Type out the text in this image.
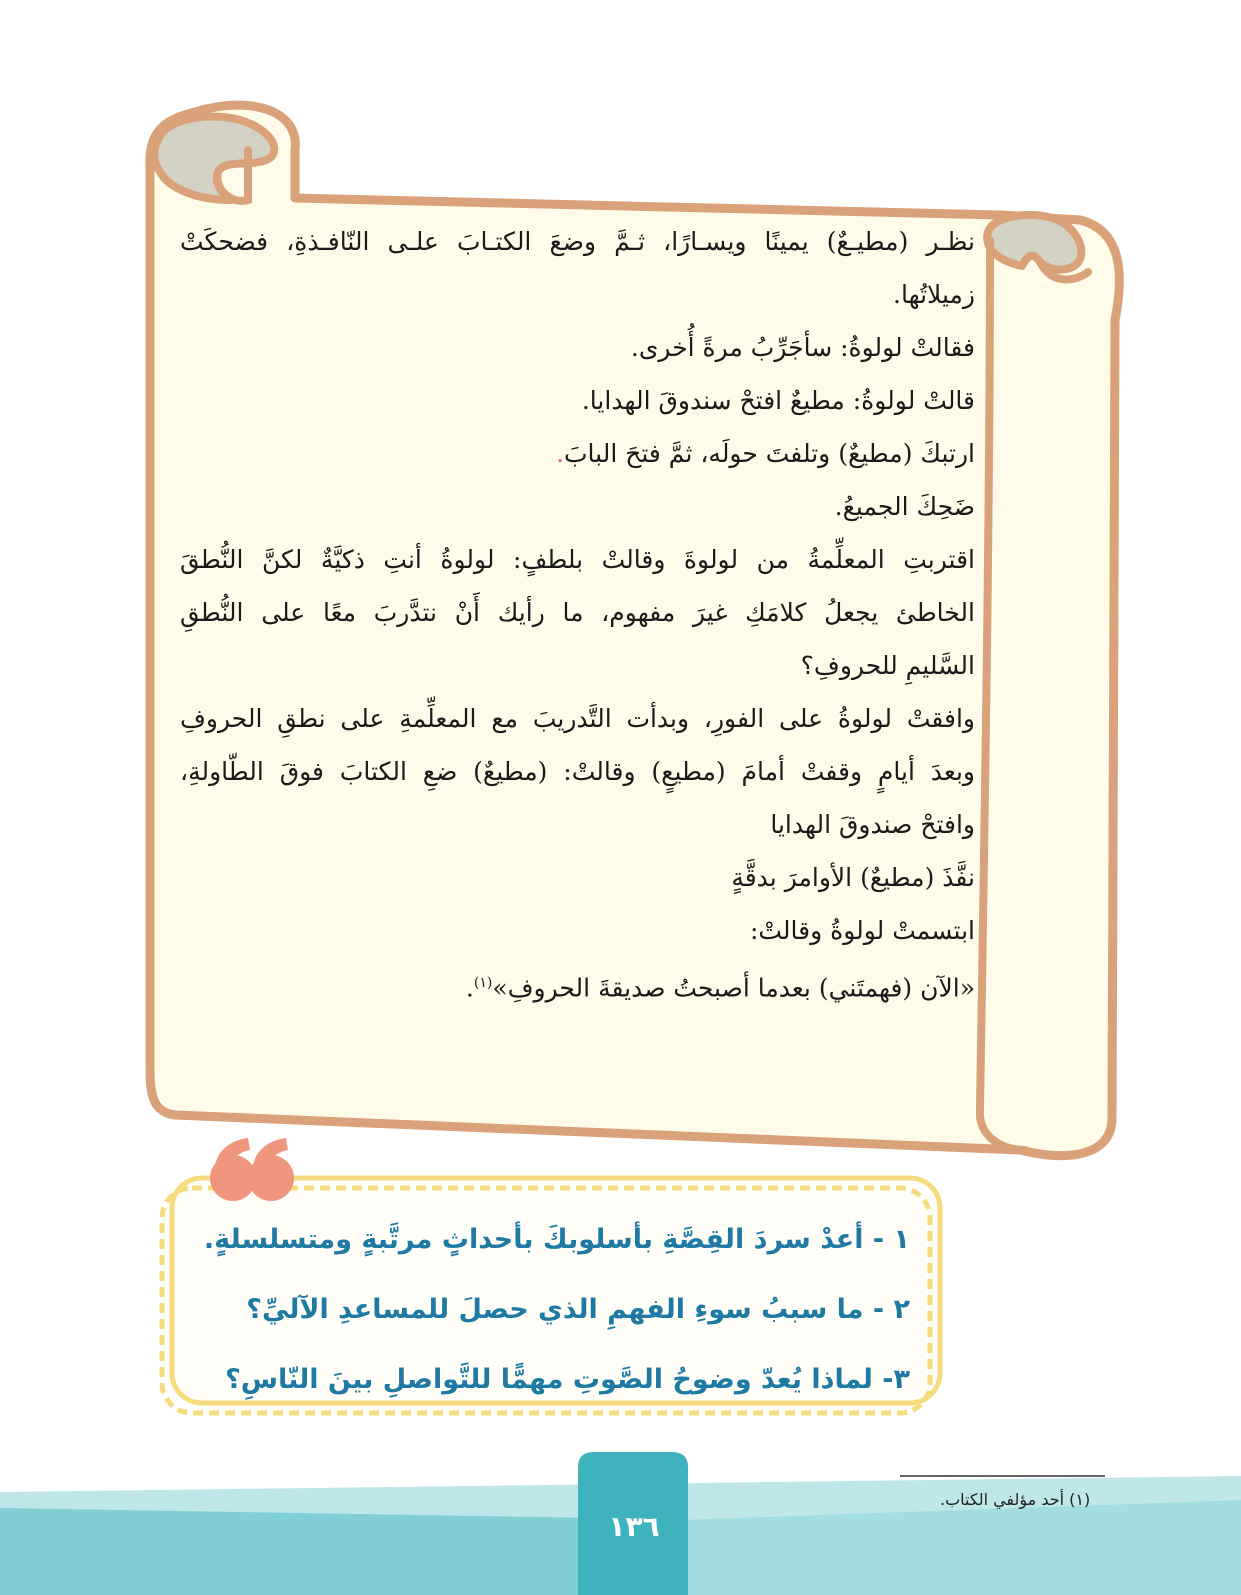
نظـر (مطيـعٌ) يمينًا ويسـارًا، ثـمَّ وضعَ الكتـابَ علـى النّافـذةِ، فضحكَتْ
زميلاتُها.
فقالتْ لولوةُ: سأجَرِّبُ مرةً أُخرى.
قالتْ لولوةُ: مطيعٌ افتحْ سندوقَ الهدايا.
ارتبكَ (مطيعٌ) وتلفتَ حولَه، ثمَّ فتحَ البابَ.
ضَحِكَ الجميعُ.
اقتربتِ المعلِّمةُ من لولوةَ وقالتْ بلطفٍ: لولوةُ أنتِ ذكيَّةٌ لكنَّ النُّطقَ
الخاطئ يجعلُ كلامَكِ غيرَ مفهوم، ما رأيك أَنْ نتدَّربَ معًا على النُّطقِ
السَّليمِ للحروفِ؟
وافقتْ لولوةُ على الفورِ، وبدأت التَّدريبَ مع المعلِّمةِ على نطقِ الحروفِ
وبعدَ أيامٍ وقفتْ أمامَ (مطيعٍ) وقالتْ: (مطيعٌ) ضعِ الكتابَ فوقَ الطّاولةِ،
وافتحْ صندوقَ الهدايا
نفَّذَ (مطيعٌ) الأوامرَ بدقَّةٍ
ابتسمتْ لولوةُ وقالتْ:
«الآن (فهمتَني) بعدما أصبحتُ صديقةَ الحروفِ»$^{(١)}$.
١ - أعدْ سردَ القِصَّةِ بأسلوبكَ بأحداثٍ مرتَّبةٍ ومتسلسلةٍ.
٢ - ما سببُ سوءِ الفهمِ الذي حصلَ للمساعدِ الآليِّ؟
٣- لماذا يُعدّ وضوحُ الصَّوتِ مهمًّا للتَّواصلِ بينَ النّاسِ؟
(١) أحد مؤلفي الكتاب.
١٣٦
